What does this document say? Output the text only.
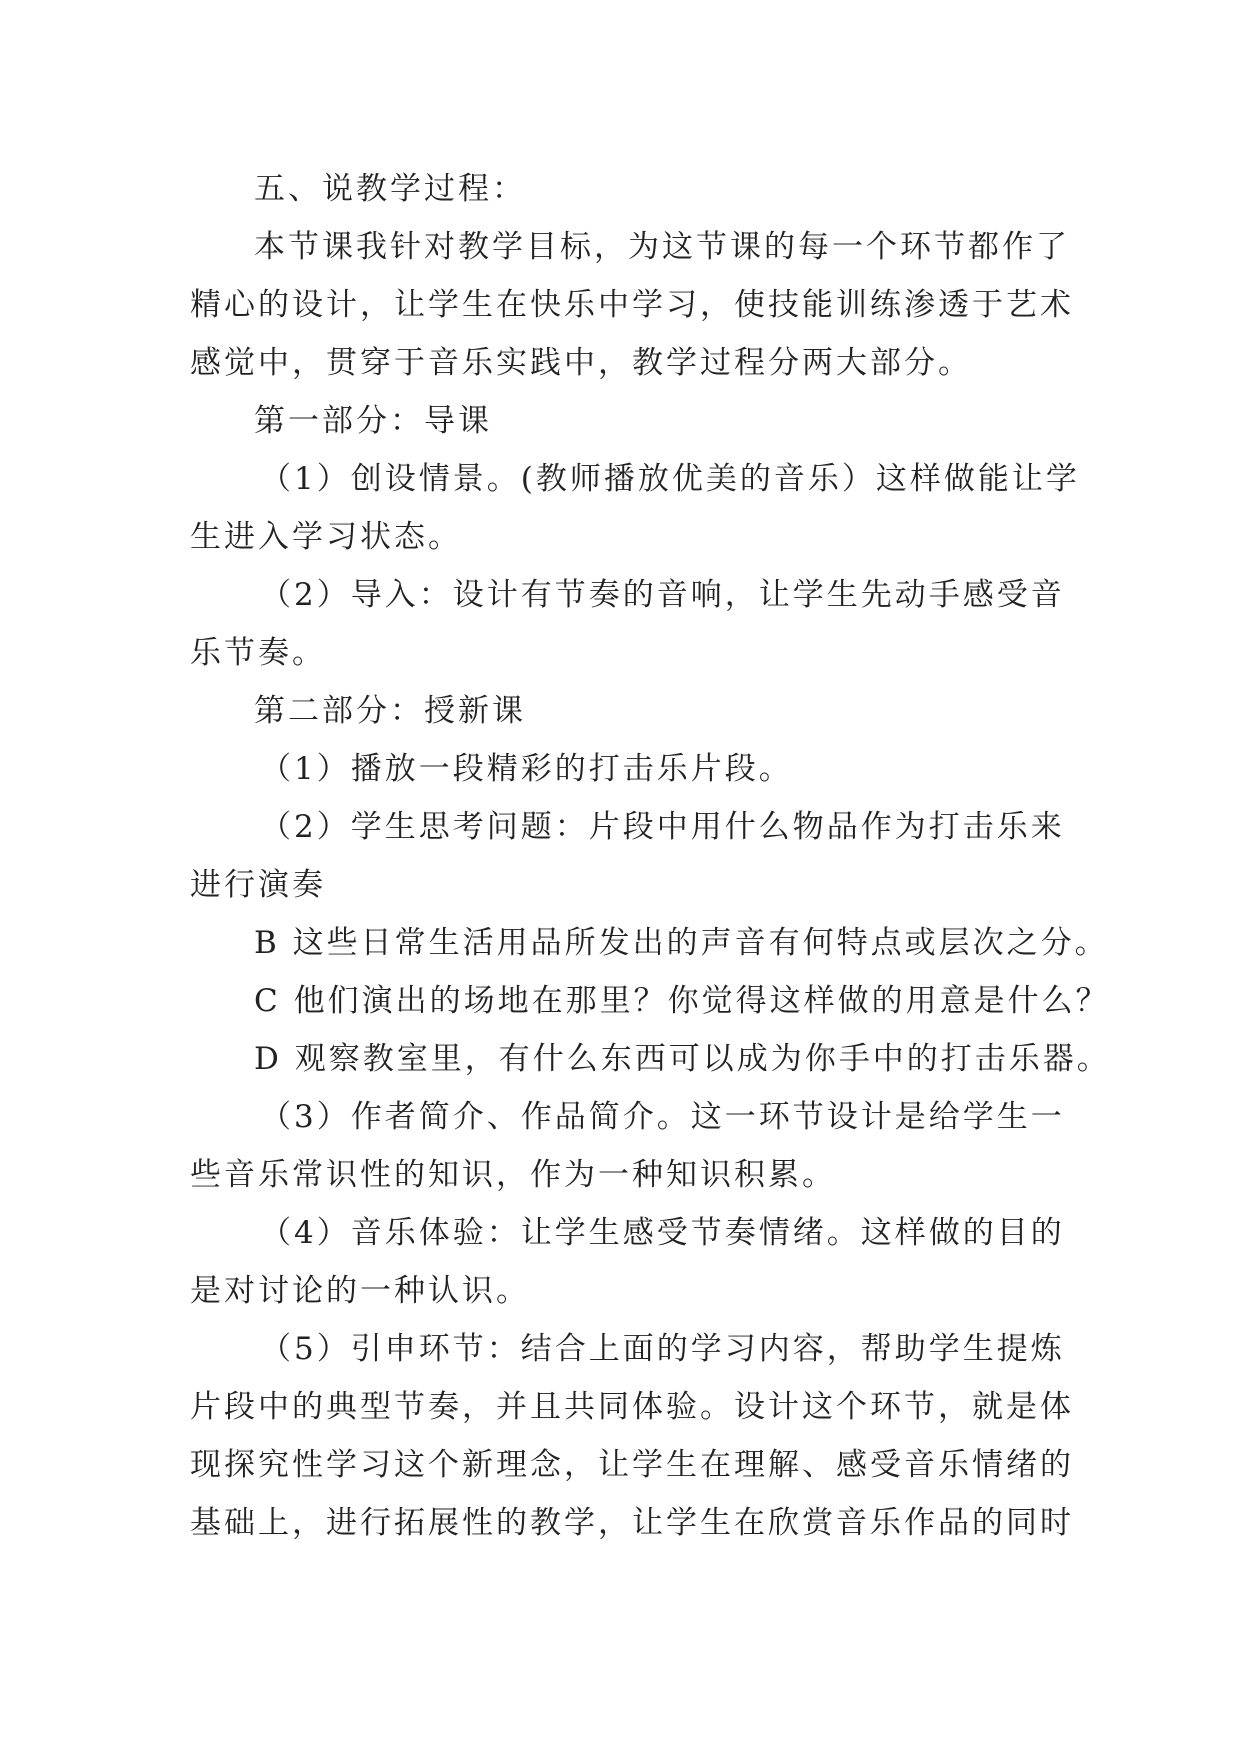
五、说教学过程：
本节课我针对教学目标，为这节课的每一个环节都作了
精心的设计，让学生在快乐中学习，使技能训练渗透于艺术
感觉中，贯穿于音乐实践中，教学过程分两大部分。
第一部分：导课
（1）创设情景。(教师播放优美的音乐）这样做能让学
生进入学习状态。
（2）导入：设计有节奏的音响，让学生先动手感受音
乐节奏。
第二部分：授新课
（1）播放一段精彩的打击乐片段。
（2）学生思考问题：片段中用什么物品作为打击乐来
进行演奏
B 这些日常生活用品所发出的声音有何特点或层次之分。
C 他们演出的场地在那里？你觉得这样做的用意是什么？
D 观察教室里，有什么东西可以成为你手中的打击乐器。
（3）作者简介、作品简介。这一环节设计是给学生一
些音乐常识性的知识，作为一种知识积累。
（4）音乐体验：让学生感受节奏情绪。这样做的目的
是对讨论的一种认识。
（5）引申环节：结合上面的学习内容，帮助学生提炼
片段中的典型节奏，并且共同体验。设计这个环节，就是体
现探究性学习这个新理念，让学生在理解、感受音乐情绪的
基础上，进行拓展性的教学，让学生在欣赏音乐作品的同时
